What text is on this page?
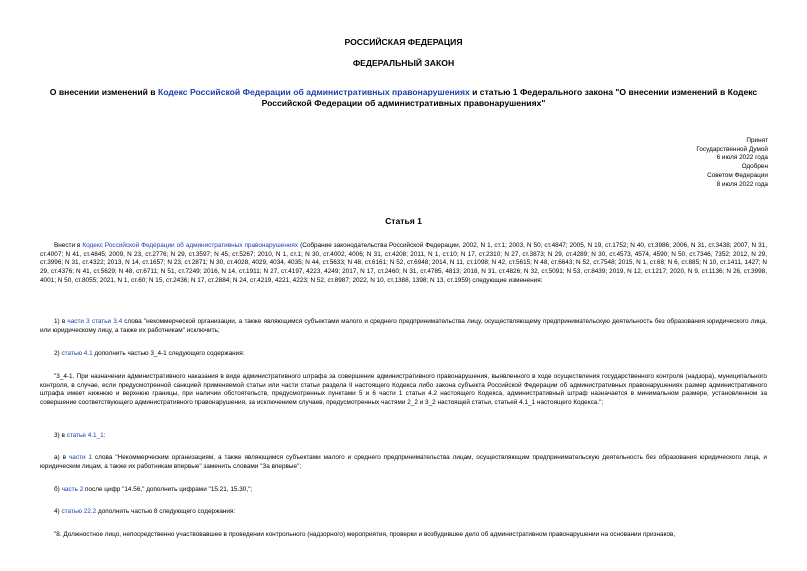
РОССИЙСКАЯ ФЕДЕРАЦИЯ
ФЕДЕРАЛЬНЫЙ ЗАКОН
О внесении изменений в Кодекс Российской Федерации об административных правонарушениях и статью 1 Федерального закона "О внесении изменений в Кодекс Российской Федерации об административных правонарушениях"
Принят
Государственной Думой
6 июля 2022 года
Одобрен
Советом Федерации
8 июля 2022 года
Статья 1

Внести в Кодекс Российской Федерации об административных правонарушениях (Собрание законодательства Российской Федерации, 2002, N 1, ст.1; 2003, N 50, ст.4847; 2005, N 19, ст.1752; N 40, ст.3986; 2006, N 31, ст.3438; 2007, N 31, ст.4007; N 41, ст.4845; 2009, N 23, ст.2776; N 29, ст.3597; N 45, ст.5267; 2010, N 1, ст.1; N 30, ст.4002, 4006; N 31, ст.4208; 2011, N 1, ст.10; N 17, ст.2310; N 27, ст.3873; N 29, ст.4289; N 30, ст.4573, 4574, 4590; N 50, ст.7346, 7352; 2012, N 29, ст.3996; N 31, ст.4322; 2013, N 14, ст.1657; N 23, ст.2871; N 30, ст.4028, 4029, 4034, 4035; N 44, ст.5633; N 48, ст.6161; N 52, ст.6948; 2014, N 11, ст.1098; N 42, ст.5615; N 48, ст.6643; N 52, ст.7548; 2015, N 1, ст.68; N 6, ст.885; N 10, ст.1411, 1427; N 29, ст.4376; N 41, ст.5629; N 48, ст.6711; N 51, ст.7249; 2016, N 14, ст.1911; N 27, ст.4197, 4223, 4249; 2017, N 17, ст.2460; N 31, ст.4785, 4813; 2018, N 31, ст.4826; N 32, ст.5091; N 53, ст.8439; 2019, N 12, ст.1217; 2020, N 9, ст.1136; N 26, ст.3998, 4001; N 50, ст.8055; 2021, N 1, ст.60; N 15, ст.2436; N 17, ст.2884; N 24, ст.4219, 4221, 4223; N 52, ст.8987; 2022, N 10, ст.1388, 1398; N 13, ст.1959) следующие изменения:

1) в части 3 статьи 3.4 слова "некоммерческой организации, а также являющимся субъектами малого и среднего предпринимательства лицу, осуществляющему предпринимательскую деятельность без образования юридического лица, или юридическому лицу, а также их работникам" исключить;

2) статью 4.1 дополнить частью 3_4-1 следующего содержания:

"3_4-1. При назначении административного наказания в виде административного штрафа за совершение административного правонарушения, выявленного в ходе осуществления государственного контроля (надзора), муниципального контроля, в случае, если предусмотренной санкцией применяемой статьи или части статьи раздела II настоящего Кодекса либо закона субъекта Российской Федерации об административных правонарушениях размер административного штрафа имеет нижнюю и верхнюю границы, при наличии обстоятельств, предусмотренных пунктами 5 и 6 части 1 статьи 4.2 настоящего Кодекса, административный штраф назначается в минимальном размере, установленном за совершение соответствующего административного правонарушения, за исключением случаев, предусмотренных частями 2_2 и 3_2 настоящей статьи, статьей 4.1_1 настоящего Кодекса.";

3) в статье 4.1_1:

а) в части 1 слова "Некоммерческим организациям, а также являющимся субъектами малого и среднего предпринимательства лицам, осуществляющим предпринимательскую деятельность без образования юридического лица, и юридическим лицам, а также их работникам впервые" заменить словами "За впервые";

б) часть 2 после цифр "14.56," дополнить цифрами "15.21, 15.30,";

4) статью 22.2 дополнить частью 8 следующего содержания:

"8. Должностное лицо, непосредственно участвовавшее в проведении контрольного (надзорного) мероприятия, проверки и возбудившее дело об административном правонарушении на основании признаков,
